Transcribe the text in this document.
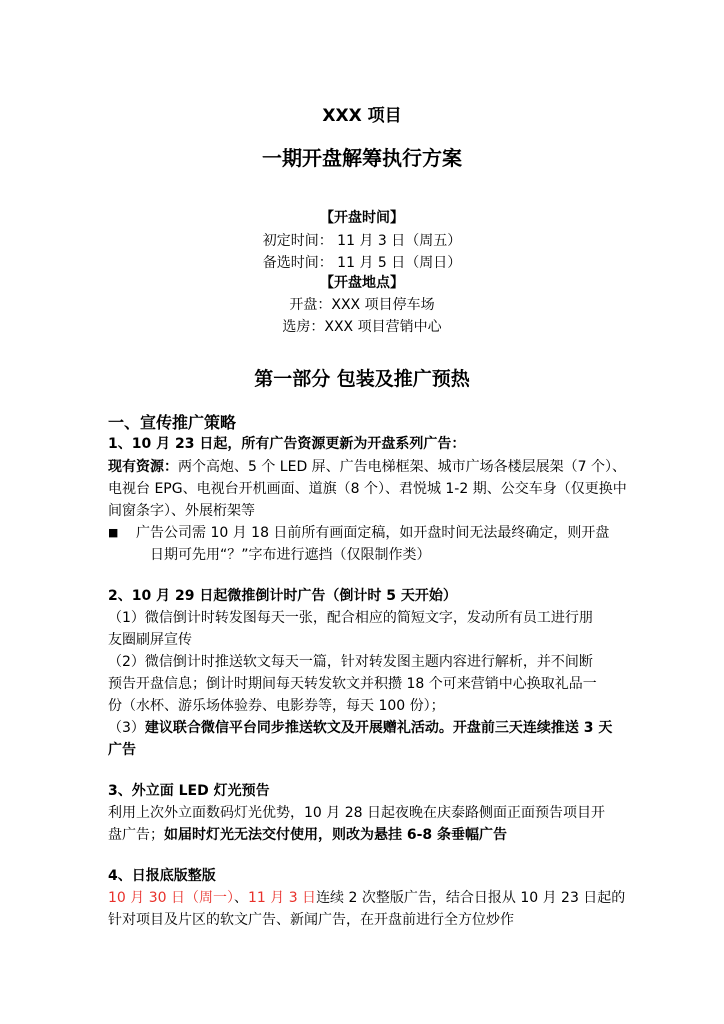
XXX 项目
一期开盘解筹执行方案
【开盘时间】
初定时间： 11 月 3 日（周五）
备选时间： 11 月 5 日（周日）
【开盘地点】
开盘：XXX 项目停车场
选房：XXX 项目营销中心
第一部分 包装及推广预热
一、宣传推广策略
1、10 月 23 日起，所有广告资源更新为开盘系列广告：
现有资源：两个高炮、5 个 LED 屏、广告电梯框架、城市广场各楼层展架（7 个）、
电视台 EPG、电视台开机画面、道旗（8 个）、君悦城 1-2 期、公交车身（仅更换中
间窗条字）、外展桁架等
■ 广告公司需 10 月 18 日前所有画面定稿，如开盘时间无法最终确定，则开盘
日期可先用“？”字布进行遮挡（仅限制作类）
2、10 月 29 日起微推倒计时广告（倒计时 5 天开始）
（1）微信倒计时转发图每天一张，配合相应的简短文字，发动所有员工进行朋
友圈刷屏宣传
（2）微信倒计时推送软文每天一篇，针对转发图主题内容进行解析，并不间断
预告开盘信息；倒计时期间每天转发软文并积攒 18 个可来营销中心换取礼品一
份（水杯、游乐场体验券、电影券等，每天 100 份）；
（3）建议联合微信平台同步推送软文及开展赠礼活动。开盘前三天连续推送 3 天
广告
3、外立面 LED 灯光预告
利用上次外立面数码灯光优势，10 月 28 日起夜晚在庆泰路侧面正面预告项目开
盘广告；如届时灯光无法交付使用，则改为悬挂 6-8 条垂幅广告
4、日报底版整版
10 月 30 日（周一）、11 月 3 日连续 2 次整版广告，结合日报从 10 月 23 日起的
针对项目及片区的软文广告、新闻广告，在开盘前进行全方位炒作
